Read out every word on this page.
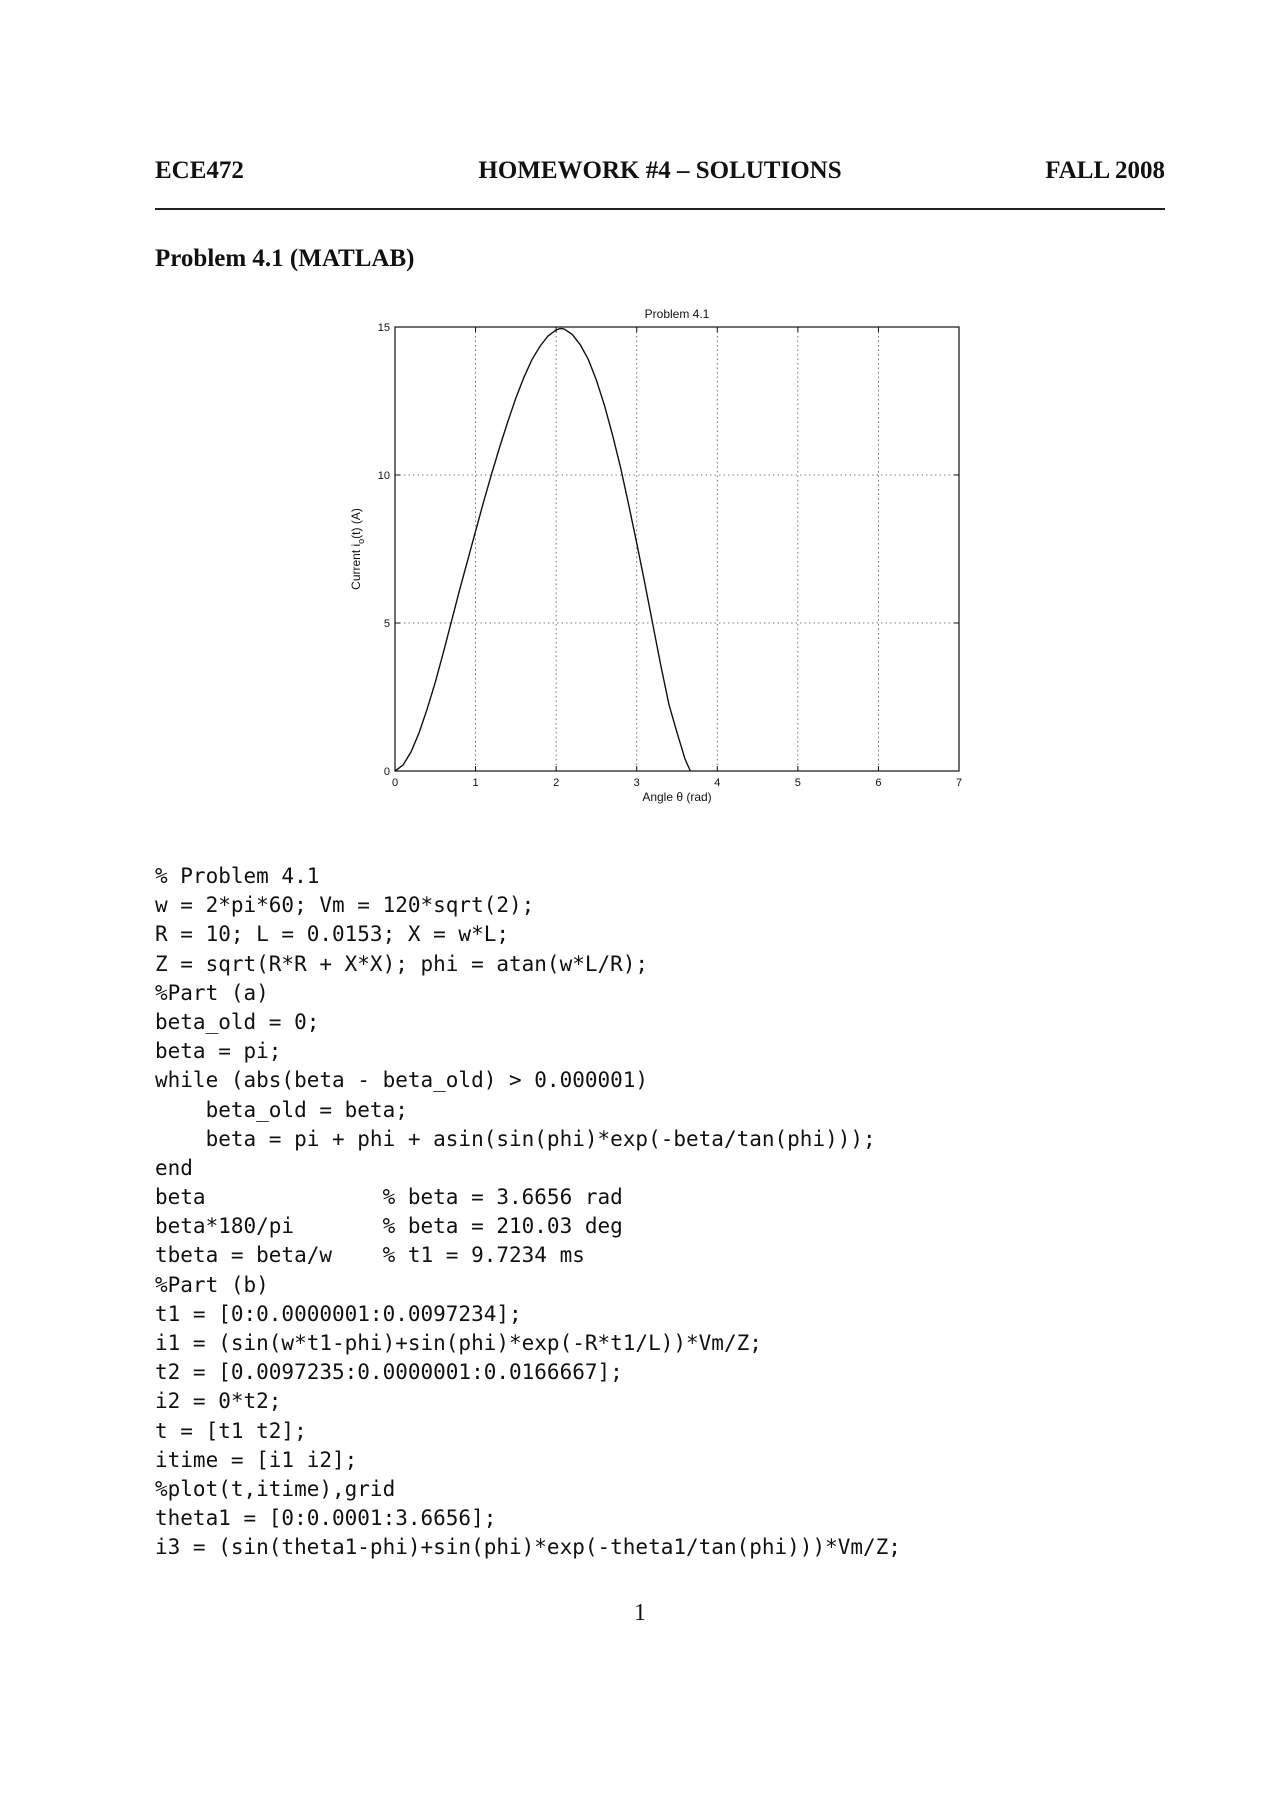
ECE472	HOMEWORK #4 – SOLUTIONS	FALL 2008
Problem 4.1 (MATLAB)
0	1	2	3	4	5	6	7
0
5
10
15
Problem 4.1
Angle θ (rad)
Current $i_o(t)$ (A)
% Problem 4.1
w = 2*pi*60; Vm = 120*sqrt(2);
R = 10; L = 0.0153; X = w*L;
Z = sqrt(R*R + X*X); phi = atan(w*L/R);
%Part (a)
beta_old = 0;
beta = pi;
while (abs(beta - beta_old) > 0.000001)
beta_old = beta;
beta = pi + phi + asin(sin(phi)*exp(-beta/tan(phi)));
end
beta              % beta = 3.6656 rad
beta*180/pi       % beta = 210.03 deg
tbeta = beta/w    % t1 = 9.7234 ms
%Part (b)
t1 = [0:0.0000001:0.0097234];
i1 = (sin(w*t1-phi)+sin(phi)*exp(-R*t1/L))*Vm/Z;
t2 = [0.0097235:0.0000001:0.0166667];
i2 = 0*t2;
t = [t1 t2];
itime = [i1 i2];
%plot(t,itime),grid
theta1 = [0:0.0001:3.6656];
i3 = (sin(theta1-phi)+sin(phi)*exp(-theta1/tan(phi)))*Vm/Z;
1
